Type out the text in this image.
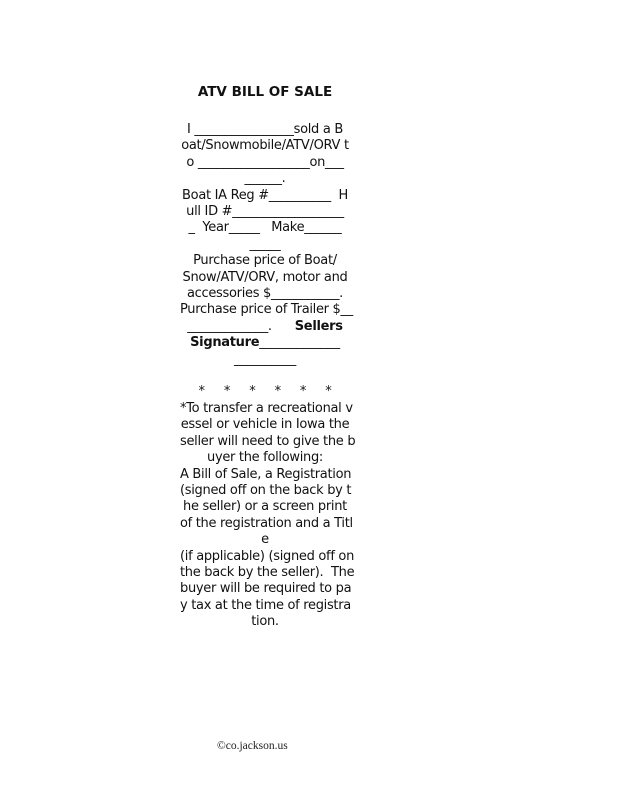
ATV BILL OF SALE
I ________________sold a B
oat/Snowmobile/ATV/ORV t
o __________________on___
______.
Boat IA Reg #__________  H
ull ID #__________________
_  Year_____   Make______
_____
Purchase price of Boat/
Snow/ATV/ORV, motor and
accessories $___________.
Purchase price of Trailer $__
_____________.      Sellers
Signature_____________
__________
*     *     *     *     *     *
*To transfer a recreational v
essel or vehicle in Iowa the
seller will need to give the b
uyer the following:
A Bill of Sale, a Registration
(signed off on the back by t
he seller) or a screen print
of the registration and a Titl
e
(if applicable) (signed off on
the back by the seller).  The
buyer will be required to pa
y tax at the time of registra
tion.
©co.jackson.us
